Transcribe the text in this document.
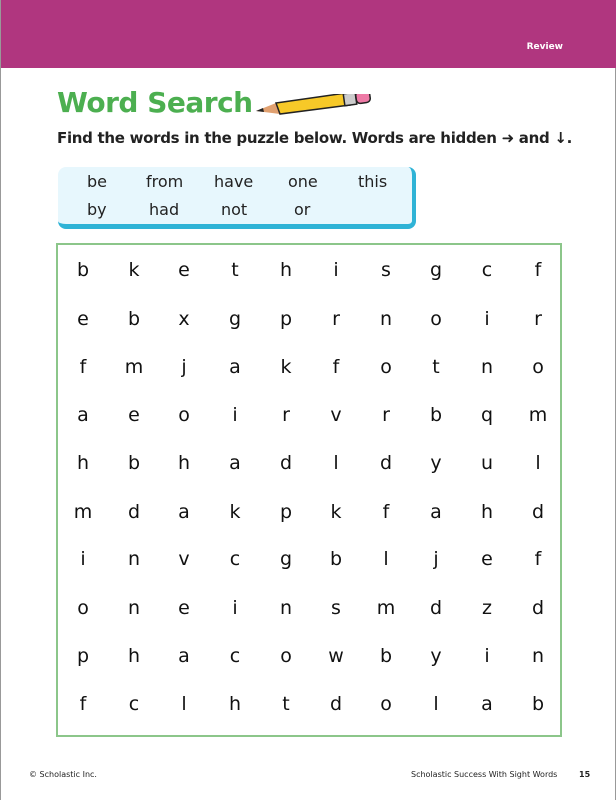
Review
Word Search
Find the words in the puzzle below. Words are hidden ➜ and ↓.
be from have one	this
by	had	not	or
b	k	e	t	h	i	s	g	c	f
e	b	x	g	p	r	n	o	i	r
f	m	j	a	k	f	o	t	n	o
a	e	o	i	r	v	r	b	q	m
h	b	h	a	d	l	d	y	u	l
m	d	a	k	p	k	f	a	h	d
i	n	v	c	g	b	l	j	e	f
o	n	e	i	n	s	m	d	z	d
p	h	a	c	o	w	b	y	i	n
f	c	l	h	t	d	o	l	a	b
© Scholastic Inc.	Scholastic Success With Sight Words	15
